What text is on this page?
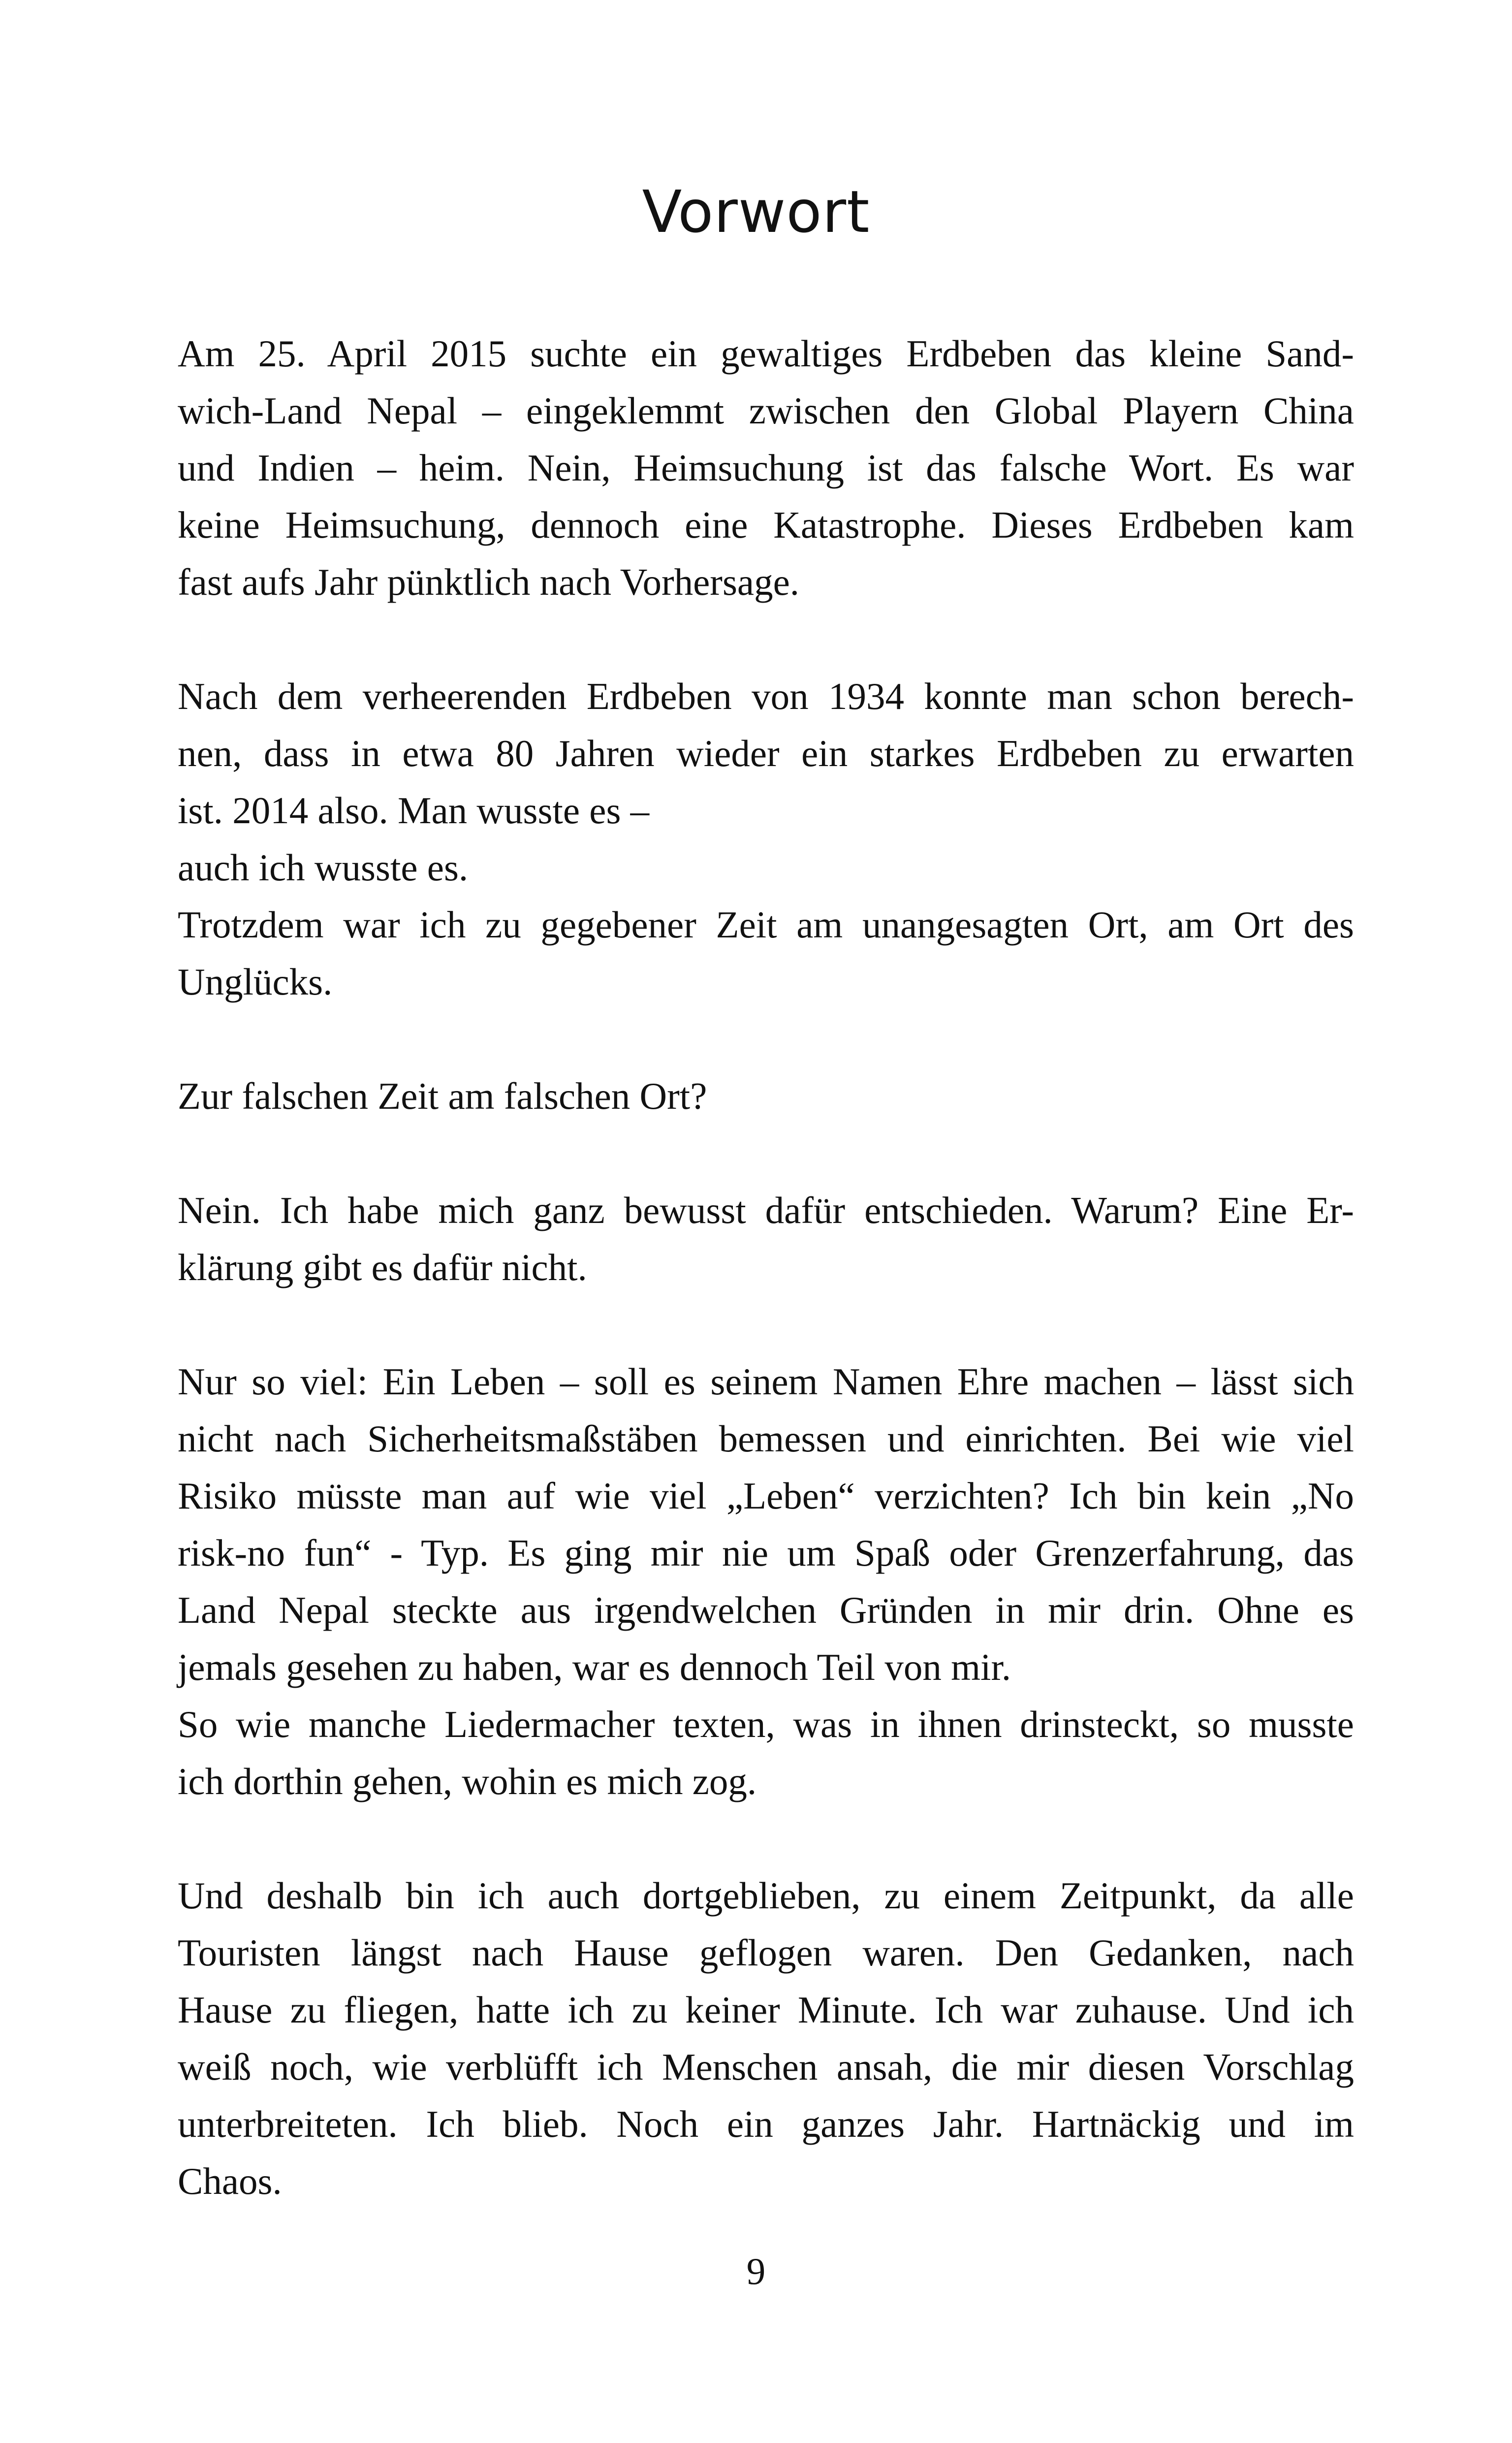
Vorwort
Am 25. April 2015 suchte ein gewaltiges Erdbeben das kleine Sand-
wich-Land Nepal – eingeklemmt zwischen den Global Playern China
und Indien – heim. Nein, Heimsuchung ist das falsche Wort. Es war
keine Heimsuchung, dennoch eine Katastrophe. Dieses Erdbeben kam
fast aufs Jahr pünktlich nach Vorhersage.
Nach dem verheerenden Erdbeben von 1934 konnte man schon berech-
nen, dass in etwa 80 Jahren wieder ein starkes Erdbeben zu erwarten
ist. 2014 also. Man wusste es –
auch ich wusste es.
Trotzdem war ich zu gegebener Zeit am unangesagten Ort, am Ort des
Unglücks.
Zur falschen Zeit am falschen Ort?
Nein. Ich habe mich ganz bewusst dafür entschieden. Warum? Eine Er-
klärung gibt es dafür nicht.
Nur so viel: Ein Leben – soll es seinem Namen Ehre machen – lässt sich
nicht nach Sicherheitsmaßstäben bemessen und einrichten. Bei wie viel
Risiko müsste man auf wie viel „Leben“ verzichten? Ich bin kein „No
risk-no fun“ - Typ. Es ging mir nie um Spaß oder Grenzerfahrung, das
Land Nepal steckte aus irgendwelchen Gründen in mir drin. Ohne es
jemals gesehen zu haben, war es dennoch Teil von mir.
So wie manche Liedermacher texten, was in ihnen drinsteckt, so musste
ich dorthin gehen, wohin es mich zog.
Und deshalb bin ich auch dortgeblieben, zu einem Zeitpunkt, da alle
Touristen längst nach Hause geflogen waren. Den Gedanken, nach
Hause zu fliegen, hatte ich zu keiner Minute. Ich war zuhause. Und ich
weiß noch, wie verblüfft ich Menschen ansah, die mir diesen Vorschlag
unterbreiteten. Ich blieb. Noch ein ganzes Jahr. Hartnäckig und im
Chaos.
9
